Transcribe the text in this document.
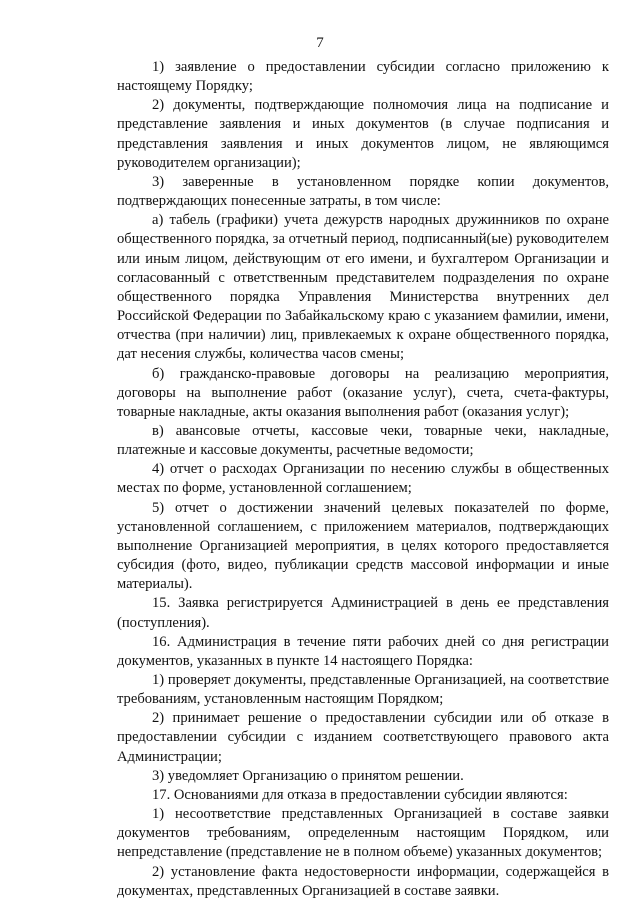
7

1) заявление о предоставлении субсидии согласно приложению к настоящему Порядку;

2) документы, подтверждающие полномочия лица на подписание и представление заявления и иных документов (в случае подписания и представления заявления и иных документов лицом, не являющимся руководителем организации);

3) заверенные в установленном порядке копии документов, подтверждающих понесенные затраты, в том числе:

а) табель (графики) учета дежурств народных дружинников по охране общественного порядка, за отчетный период, подписанный(ые) руководителем или иным лицом, действующим от его имени, и бухгалтером Организации и согласованный с ответственным представителем подразделения по охране общественного порядка Управления Министерства внутренних дел Российской Федерации по Забайкальскому краю с указанием фамилии, имени, отчества (при наличии) лиц, привлекаемых к охране общественного порядка, дат несения службы, количества часов смены;

б) гражданско-правовые договоры на реализацию мероприятия, договоры на выполнение работ (оказание услуг), счета, счета-фактуры, товарные накладные, акты оказания выполнения работ (оказания услуг);

в) авансовые отчеты, кассовые чеки, товарные чеки, накладные, платежные и кассовые документы, расчетные ведомости;

4) отчет о расходах Организации по несению службы в общественных местах по форме, установленной соглашением;

5) отчет о достижении значений целевых показателей по форме, установленной соглашением, с приложением материалов, подтверждающих выполнение Организацией мероприятия, в целях которого предоставляется субсидия (фото, видео, публикации средств массовой информации и иные материалы).

15. Заявка регистрируется Администрацией в день ее представления (поступления).

16. Администрация в течение пяти рабочих дней со дня регистрации документов, указанных в пункте 14 настоящего Порядка:

1) проверяет документы, представленные Организацией, на соответствие требованиям, установленным настоящим Порядком;

2) принимает решение о предоставлении субсидии или об отказе в предоставлении субсидии с изданием соответствующего правового акта Администрации;

3) уведомляет Организацию о принятом решении.

17. Основаниями для отказа в предоставлении субсидии являются:

1) несоответствие представленных Организацией в составе заявки документов требованиям, определенным настоящим Порядком, или непредставление (представление не в полном объеме) указанных документов;

2) установление факта недостоверности информации, содержащейся в документах, представленных Организацией в составе заявки.
